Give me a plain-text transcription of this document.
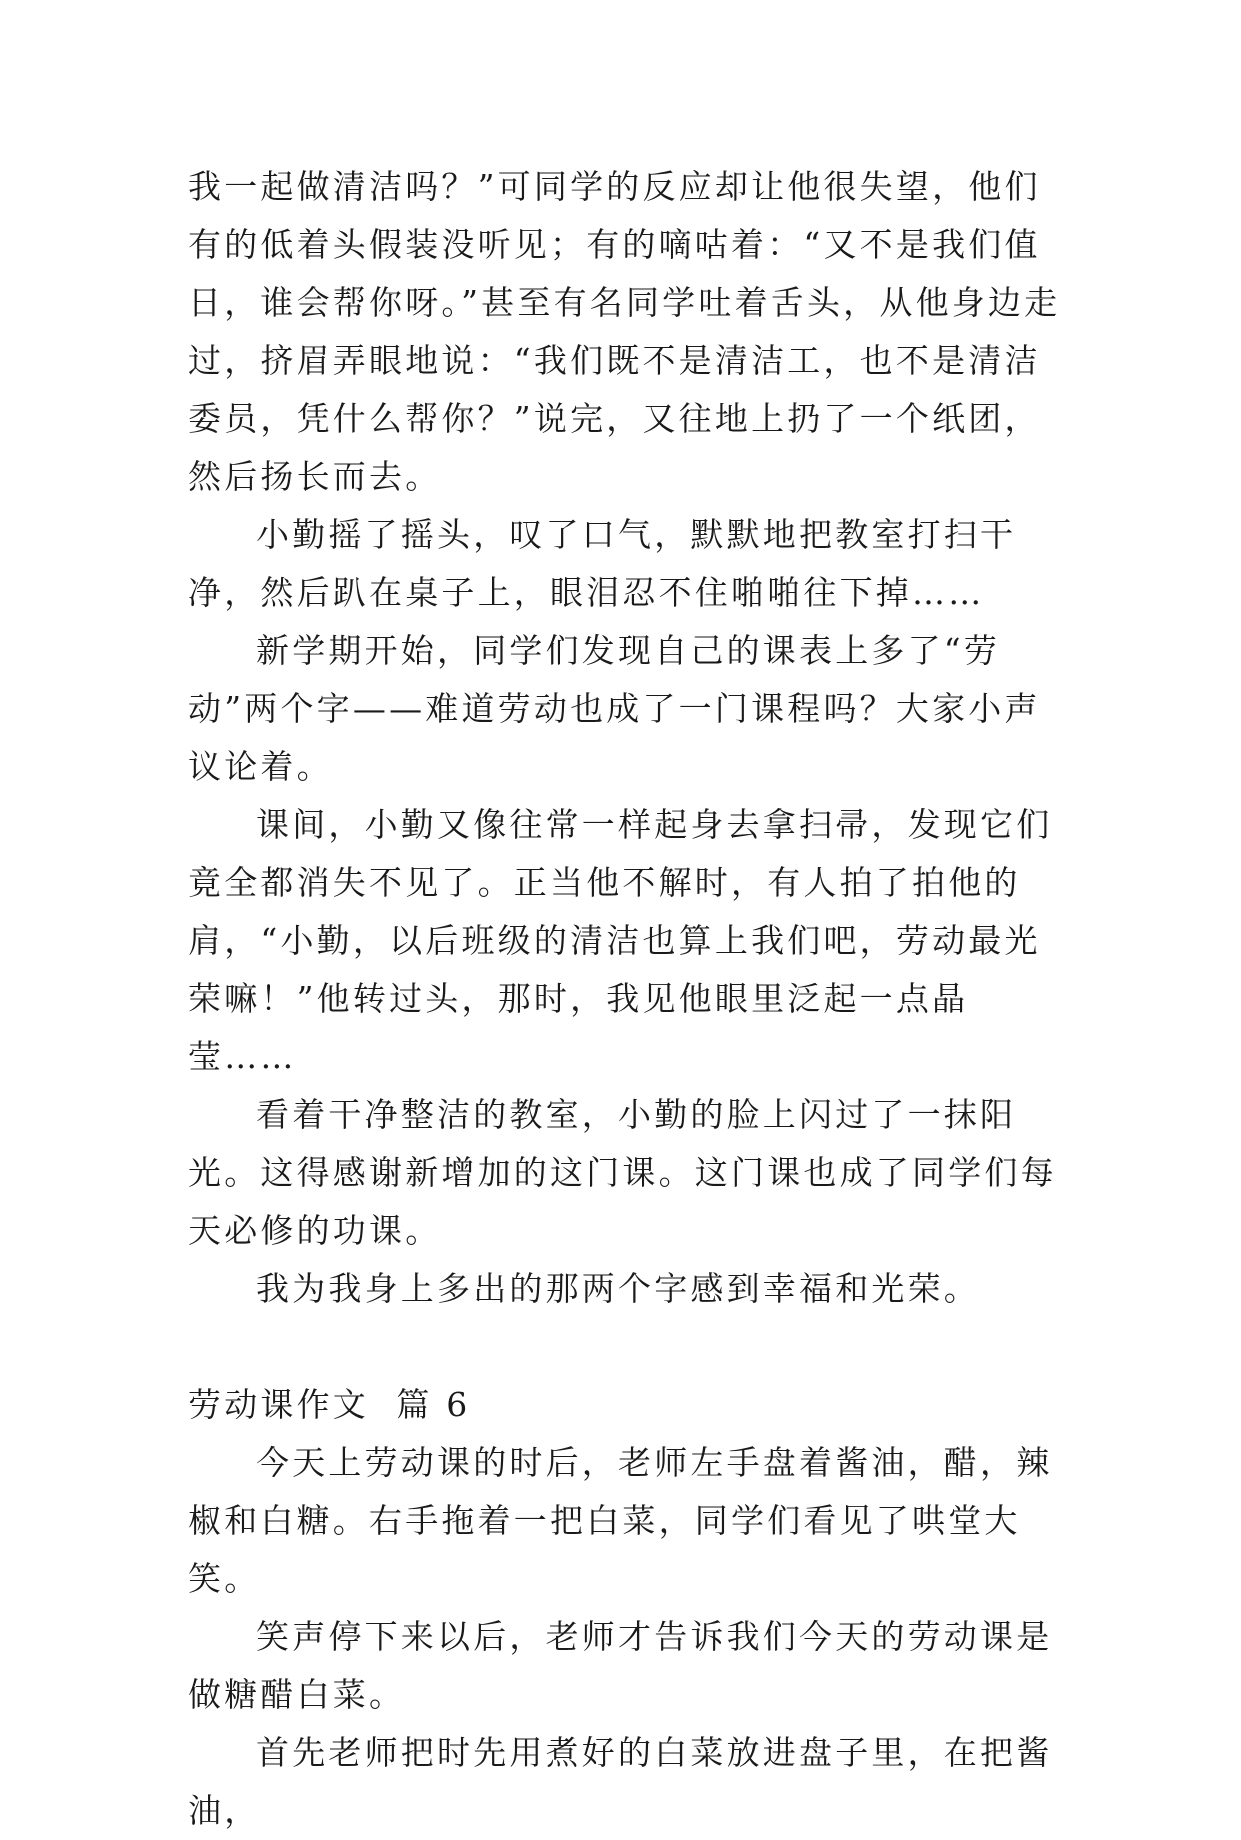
我一起做清洁吗？”可同学的反应却让他很失望，他们有的低着头假装没听见；有的嘀咕着：“又不是我们值日，谁会帮你呀。”甚至有名同学吐着舌头，从他身边走过，挤眉弄眼地说：“我们既不是清洁工，也不是清洁委员，凭什么帮你？”说完，又往地上扔了一个纸团，然后扬长而去。

小勤摇了摇头，叹了口气，默默地把教室打扫干净，然后趴在桌子上，眼泪忍不住啪啪往下掉……

新学期开始，同学们发现自己的课表上多了“劳动”两个字——难道劳动也成了一门课程吗？大家小声议论着。

课间，小勤又像往常一样起身去拿扫帚，发现它们竟全都消失不见了。正当他不解时，有人拍了拍他的肩，“小勤，以后班级的清洁也算上我们吧，劳动最光荣嘛！”他转过头，那时，我见他眼里泛起一点晶莹……

看着干净整洁的教室，小勤的脸上闪过了一抹阳光。这得感谢新增加的这门课。这门课也成了同学们每天必修的功课。

我为我身上多出的那两个字感到幸福和光荣。

劳动课作文  篇 6

今天上劳动课的时后，老师左手盘着酱油，醋，辣椒和白糖。右手拖着一把白菜，同学们看见了哄堂大笑。

笑声停下来以后，老师才告诉我们今天的劳动课是做糖醋白菜。

首先老师把时先用煮好的白菜放进盘子里，在把酱油，
